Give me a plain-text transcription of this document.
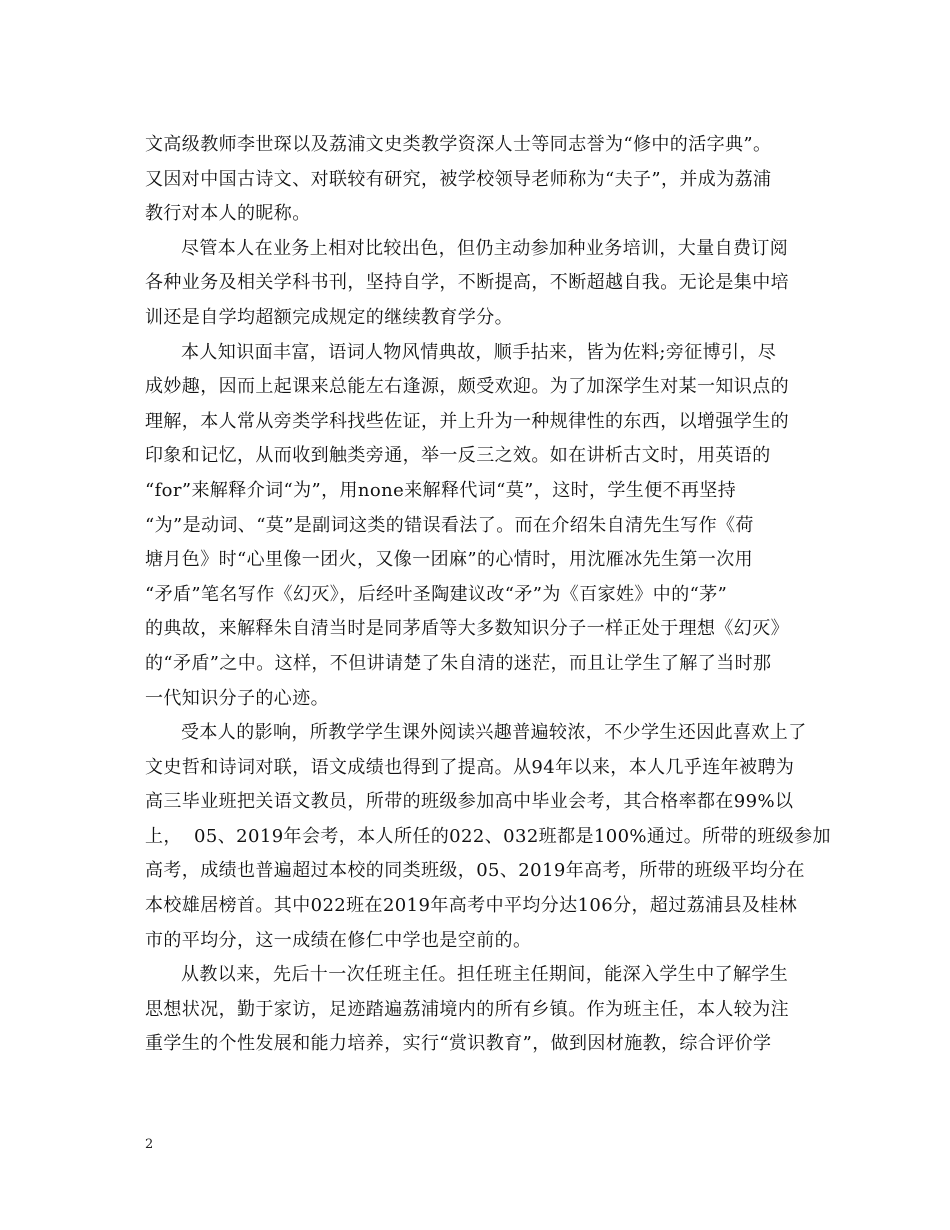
文高级教师李世琛以及荔浦文史类教学资深人士等同志誉为“修中的活字典”。
又因对中国古诗文、对联较有研究，被学校领导老师称为“夫子”，并成为荔浦
教行对本人的昵称。
尽管本人在业务上相对比较出色，但仍主动参加种业务培训，大量自费订阅
各种业务及相关学科书刊，坚持自学，不断提高，不断超越自我。无论是集中培
训还是自学均超额完成规定的继续教育学分。
本人知识面丰富，语词人物风情典故，顺手拈来，皆为佐料;旁征博引，尽
成妙趣，因而上起课来总能左右逢源，颇受欢迎。为了加深学生对某一知识点的
理解，本人常从旁类学科找些佐证，并上升为一种规律性的东西，以增强学生的
印象和记忆，从而收到触类旁通，举一反三之效。如在讲析古文时，用英语的
“for”来解释介词“为”，用none来解释代词“莫”，这时，学生便不再坚持
“为”是动词、“莫”是副词这类的错误看法了。而在介绍朱自清先生写作《荷
塘月色》时“心里像一团火，又像一团麻”的心情时，用沈雁冰先生第一次用
“矛盾”笔名写作《幻灭》，后经叶圣陶建议改“矛”为《百家姓》中的“茅”
的典故，来解释朱自清当时是同茅盾等大多数知识分子一样正处于理想《幻灭》
的“矛盾”之中。这样，不但讲请楚了朱自清的迷茫，而且让学生了解了当时那
一代知识分子的心迹。
受本人的影响，所教学学生课外阅读兴趣普遍较浓，不少学生还因此喜欢上了
文史哲和诗词对联，语文成绩也得到了提高。从94年以来，本人几乎连年被聘为
高三毕业班把关语文教员，所带的班级参加高中毕业会考，其合格率都在99%以
上，  05、2019年会考，本人所任的022、032班都是100%通过。所带的班级参加
高考，成绩也普遍超过本校的同类班级，05、2019年高考，所带的班级平均分在
本校雄居榜首。其中022班在2019年高考中平均分达106分，超过荔浦县及桂林
市的平均分，这一成绩在修仁中学也是空前的。
从教以来，先后十一次任班主任。担任班主任期间，能深入学生中了解学生
思想状况，勤于家访，足迹踏遍荔浦境内的所有乡镇。作为班主任，本人较为注
重学生的个性发展和能力培养，实行“赏识教育”，做到因材施教，综合评价学
2
